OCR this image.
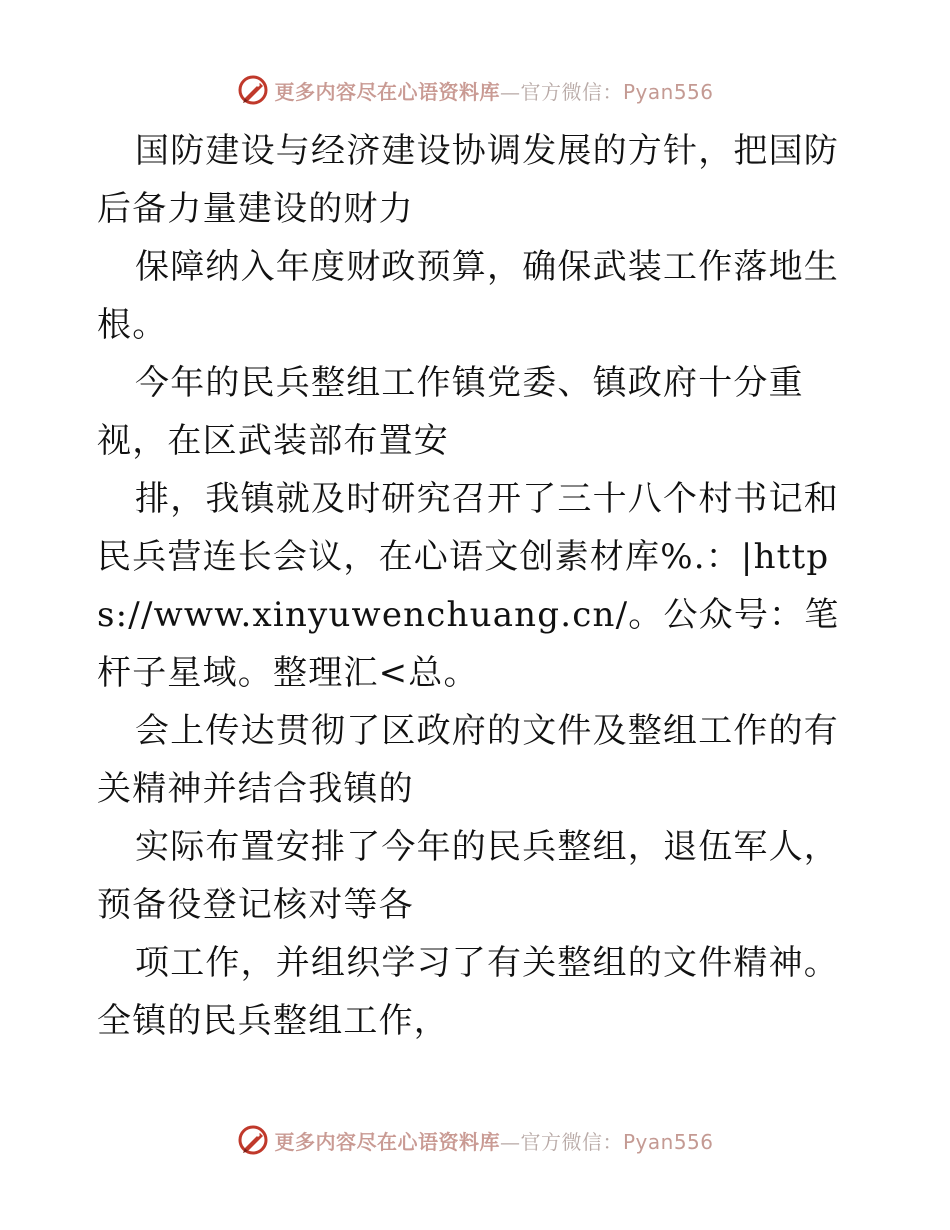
更多内容尽在心语资料库—官方微信：Pyan556

国防建设与经济建设协调发展的方针，把国防后备力量建设的财力

保障纳入年度财政预算，确保武装工作落地生根。

今年的民兵整组工作镇党委、镇政府十分重视，在区武装部布置安

排，我镇就及时研究召开了三十八个村书记和民兵营连长会议，在心语文创素材库%.：|https://www.xinyuwenchuang.cn/。公众号：笔杆子星域。整理汇<总。

会上传达贯彻了区政府的文件及整组工作的有关精神并结合我镇的

实际布置安排了今年的民兵整组，退伍军人，预备役登记核对等各

项工作，并组织学习了有关整组的文件精神。全镇的民兵整组工作，

更多内容尽在心语资料库—官方微信：Pyan556
